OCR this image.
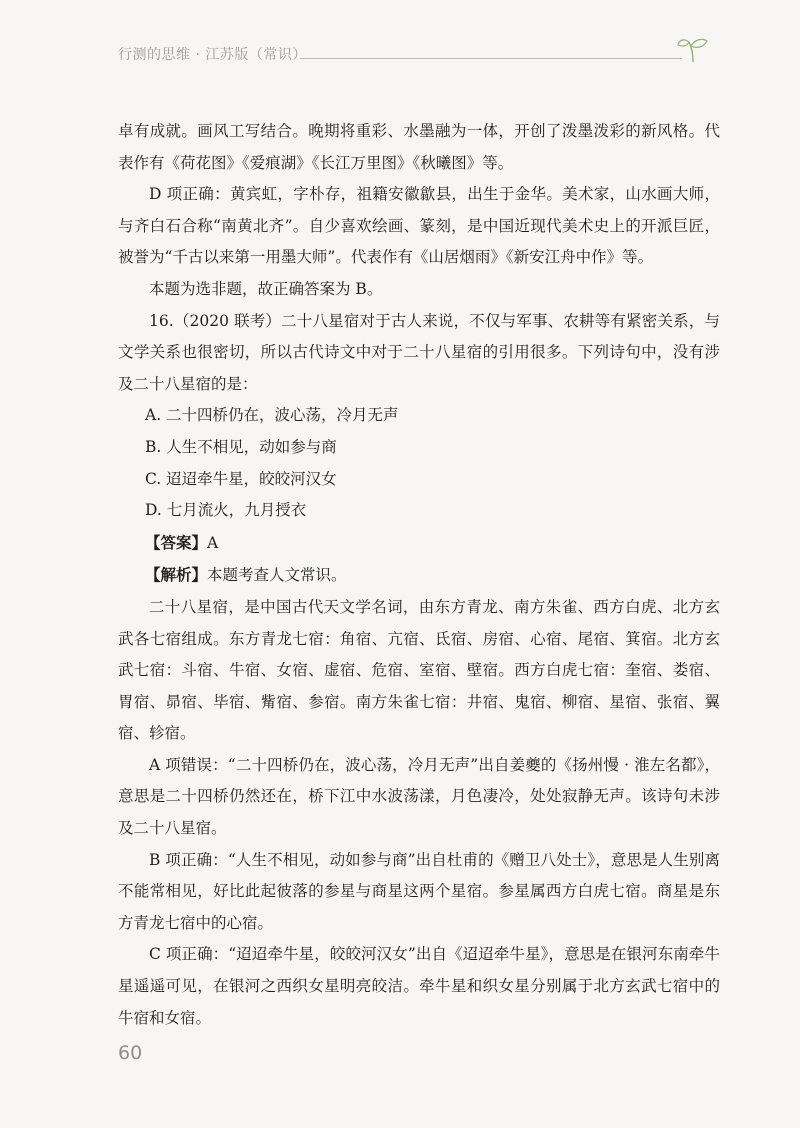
行测的思维 · 江苏版（常识）

卓有成就。画风工写结合。晚期将重彩、水墨融为一体，开创了泼墨泼彩的新风格。代表作有《荷花图》《爱痕湖》《长江万里图》《秋曦图》等。

D 项正确：黄宾虹，字朴存，祖籍安徽歙县，出生于金华。美术家，山水画大师，与齐白石合称“南黄北齐”。自少喜欢绘画、篆刻，是中国近现代美术史上的开派巨匠，被誉为“千古以来第一用墨大师”。代表作有《山居烟雨》《新安江舟中作》等。

本题为选非题，故正确答案为 B。

16.（2020 联考）二十八星宿对于古人来说，不仅与军事、农耕等有紧密关系，与文学关系也很密切，所以古代诗文中对于二十八星宿的引用很多。下列诗句中，没有涉及二十八星宿的是：

A. 二十四桥仍在，波心荡，冷月无声

B. 人生不相见，动如参与商

C. 迢迢牵牛星，皎皎河汉女

D. 七月流火，九月授衣

【答案】A

【解析】本题考查人文常识。

二十八星宿，是中国古代天文学名词，由东方青龙、南方朱雀、西方白虎、北方玄武各七宿组成。东方青龙七宿：角宿、亢宿、氐宿、房宿、心宿、尾宿、箕宿。北方玄武七宿：斗宿、牛宿、女宿、虚宿、危宿、室宿、壁宿。西方白虎七宿：奎宿、娄宿、胃宿、昴宿、毕宿、觜宿、参宿。南方朱雀七宿：井宿、鬼宿、柳宿、星宿、张宿、翼宿、轸宿。

A 项错误：“二十四桥仍在，波心荡，冷月无声”出自姜夔的《扬州慢 · 淮左名都》，意思是二十四桥仍然还在，桥下江中水波荡漾，月色凄冷，处处寂静无声。该诗句未涉及二十八星宿。

B 项正确：“人生不相见，动如参与商”出自杜甫的《赠卫八处士》，意思是人生别离不能常相见，好比此起彼落的参星与商星这两个星宿。参星属西方白虎七宿。商星是东方青龙七宿中的心宿。

C 项正确：“迢迢牵牛星，皎皎河汉女”出自《迢迢牵牛星》，意思是在银河东南牵牛星遥遥可见，在银河之西织女星明亮皎洁。牵牛星和织女星分别属于北方玄武七宿中的牛宿和女宿。

60
